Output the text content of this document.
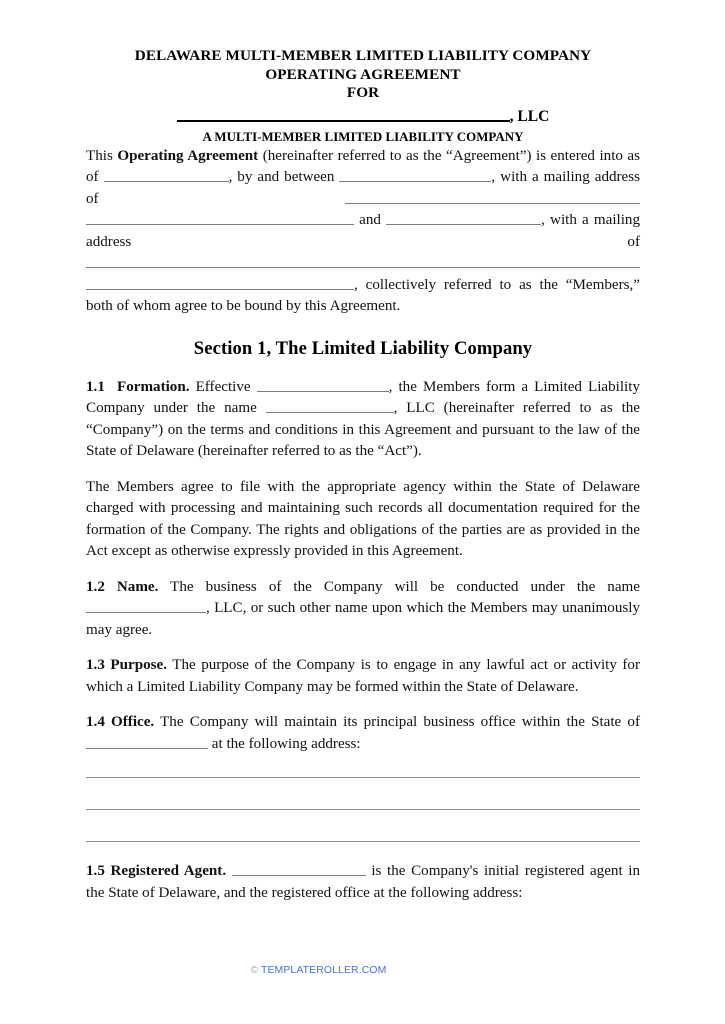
DELAWARE MULTI-MEMBER LIMITED LIABILITY COMPANY
OPERATING AGREEMENT
FOR
, LLC
A MULTI-MEMBER LIMITED LIABILITY COMPANY

This Operating Agreement (hereinafter referred to as the “Agreement”) is entered into as of	, by and between	, with a mailing address of  and	, with a mailing address of , collectively referred to as the “Members,” both of whom agree to be bound by this Agreement.

Section 1, The Limited Liability Company

1.1 Formation. Effective	, the Members form a Limited Liability Company under the name	, LLC (hereinafter referred to as the “Company”) on the terms and conditions in this Agreement and pursuant to the law of the State of Delaware (hereinafter referred to as the “Act”).

The Members agree to file with the appropriate agency within the State of Delaware charged with processing and maintaining such records all documentation required for the formation of the Company. The rights and obligations of the parties are as provided in the Act except as otherwise expressly provided in this Agreement.

1.2 Name. The business of the Company will be conducted under the name , LLC, or such other name upon which the Members may unanimously may agree.

1.3 Purpose. The purpose of the Company is to engage in any lawful act or activity for which a Limited Liability Company may be formed within the State of Delaware.

1.4 Office. The Company will maintain its principal business office within the State of  at the following address:

1.5 Registered Agent.	is the Company's initial registered agent in the State of Delaware, and the registered office at the following address:

© TEMPLATEROLLER.COM
